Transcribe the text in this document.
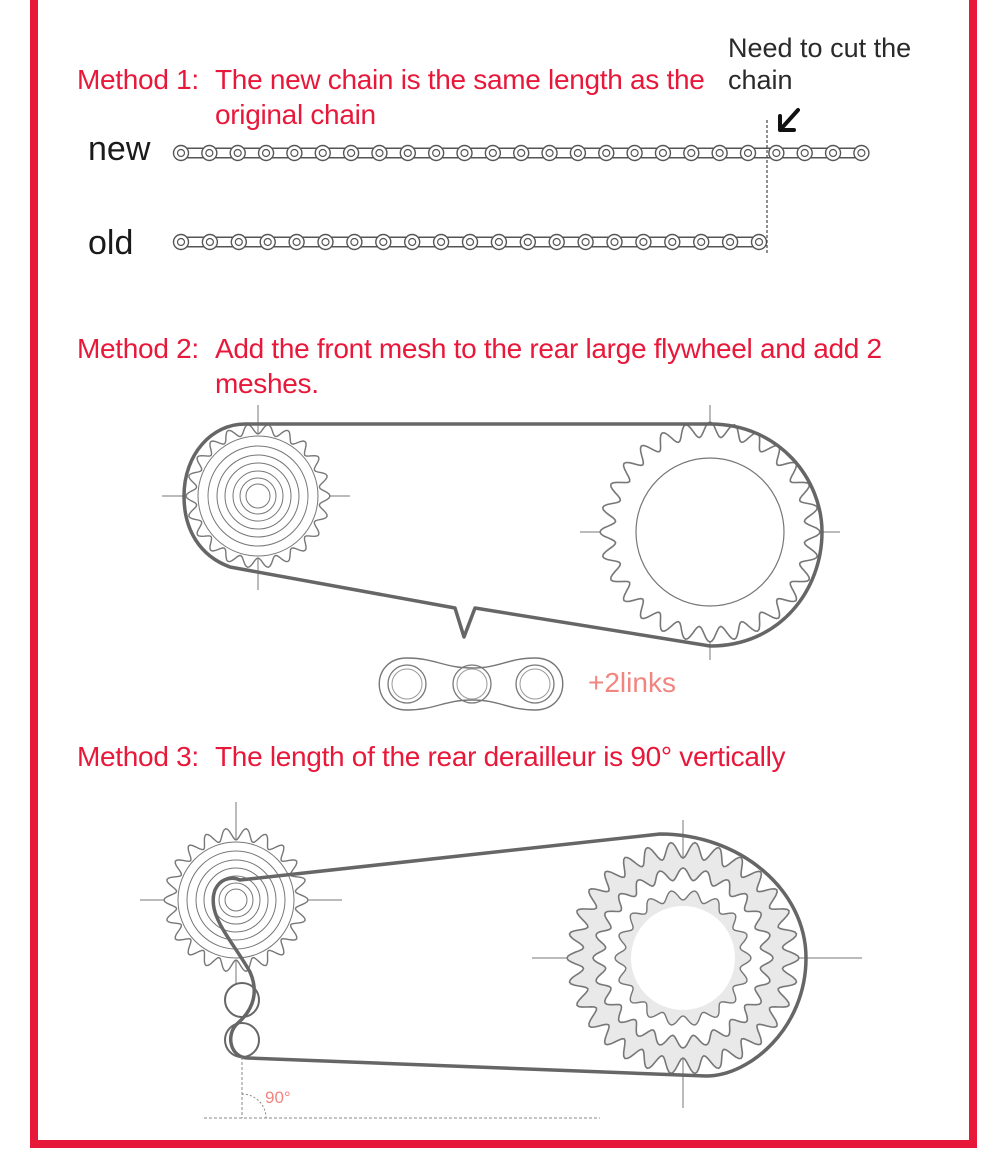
Method 1: The new chain is the same length as the original chain
new
old
Need to cut the chain
Method 2: Add the front mesh to the rear large flywheel and add 2 meshes.
Method 3: The length of the rear derailleur is 90° vertically
+2links
90°
